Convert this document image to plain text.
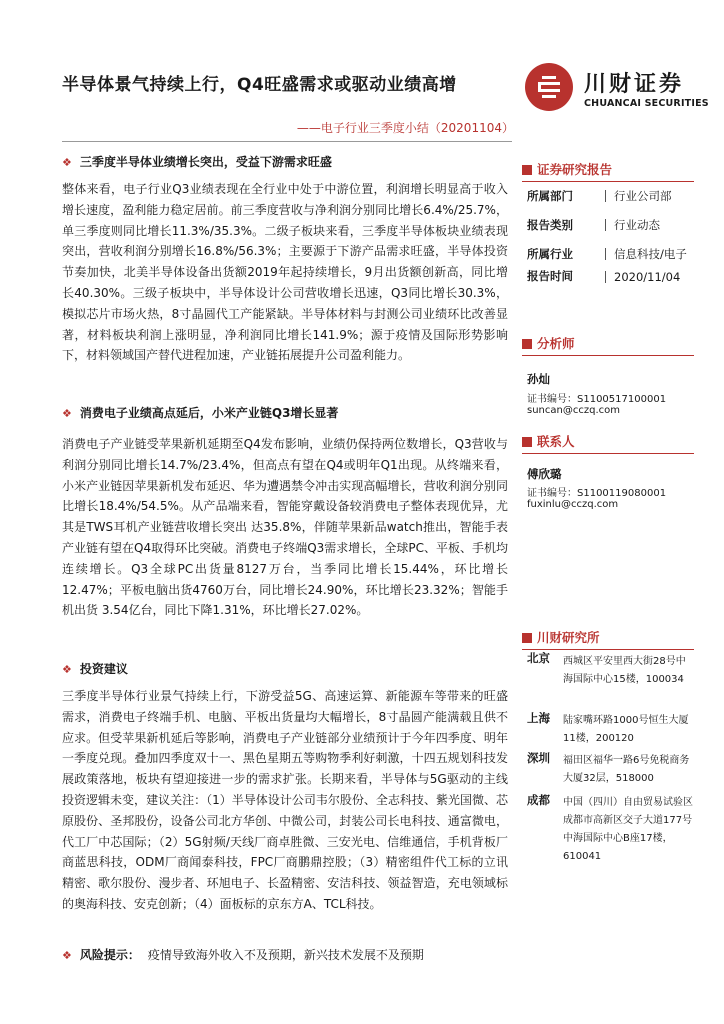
半导体景气持续上行，Q4旺盛需求或驱动业绩高增
——电子行业三季度小结（20201104）
川财证券
CHUANCAI SECURITIES
❖ 三季度半导体业绩增长突出，受益下游需求旺盛

整体来看，电子行业Q3业绩表现在全行业中处于中游位置，利润增长明显高于收入增长速度，盈利能力稳定居前。前三季度营收与净利润分别同比增长6.4%/25.7%，单三季度则同比增长11.3%/35.3%。二级子板块来看，三季度半导体板块业绩表现突出，营收利润分别增长16.8%/56.3%；主要源于下游产品需求旺盛，半导体投资节奏加快，北美半导体设备出货额2019年起持续增长，9月出货额创新高，同比增长40.30%。三级子板块中，半导体设计公司营收增长迅速，Q3同比增长30.3%，模拟芯片市场火热，8寸晶圆代工产能紧缺。半导体材料与封测公司业绩环比改善显著，材料板块利润上涨明显，净利润同比增长141.9%；源于疫情及国际形势影响下，材料领域国产替代进程加速，产业链拓展提升公司盈利能力。

❖ 消费电子业绩高点延后，小米产业链Q3增长显著

消费电子产业链受苹果新机延期至Q4发布影响，业绩仍保持两位数增长，Q3营收与利润分别同比增长14.7%/23.4%，但高点有望在Q4或明年Q1出现。从终端来看，小米产业链因苹果新机发布延迟、华为遭遇禁令冲击实现高幅增长，营收利润分别同比增长18.4%/54.5%。从产品端来看，智能穿戴设备较消费电子整体表现优异，尤其是TWS耳机产业链营收增长突出 达35.8%，伴随苹果新品watch推出，智能手表产业链有望在Q4取得环比突破。消费电子终端Q3需求增长，全球PC、平板、手机均连续增长。Q3全球PC出货量8127万台，当季同比增长15.44%，环比增长12.47%；平板电脑出货4760万台，同比增长24.90%，环比增长23.32%；智能手机出货 3.54亿台，同比下降1.31%，环比增长27.02%。

❖ 投资建议

三季度半导体行业景气持续上行，下游受益5G、高速运算、新能源车等带来的旺盛需求，消费电子终端手机、电脑、平板出货量均大幅增长，8寸晶圆产能满载且供不应求。但受苹果新机延后等影响，消费电子产业链部分业绩预计于今年四季度、明年一季度兑现。叠加四季度双十一、黑色星期五等购物季利好刺激，十四五规划科技发展政策落地，板块有望迎接进一步的需求扩张。长期来看，半导体与5G驱动的主线投资逻辑未变，建议关注：（1）半导体设计公司韦尔股份、全志科技、紫光国微、芯原股份、圣邦股份，设备公司北方华创、中微公司，封装公司长电科技、通富微电，代工厂中芯国际；（2）5G射频/天线厂商卓胜微、三安光电、信维通信，手机背板厂商蓝思科技，ODM厂商闻泰科技，FPC厂商鹏鼎控股；（3）精密组件代工标的立讯精密、歌尔股份、漫步者、环旭电子、长盈精密、安洁科技、领益智造，充电领域标的奥海科技、安克创新；（4）面板标的京东方A、TCL科技。

❖ 风险提示： 疫情导致海外收入不及预期，新兴技术发展不及预期
证券研究报告
所属部门	行业公司部
报告类别	行业动态
所属行业	信息科技/电子
报告时间	2020/11/04
分析师
孙灿
证书编号：S1100517100001
suncan@cczq.com
联系人
傅欣璐
证书编号：S1100119080001
fuxinlu@cczq.com
川财研究所
北京 西城区平安里西大街28号中海国际中心15楼，100034

上海 陆家嘴环路1000号恒生大厦11楼，200120

深圳 福田区福华一路6号免税商务大厦32层，518000

成都 中国（四川）自由贸易试验区成都市高新区交子大道177号中海国际中心B座17楼，610041
